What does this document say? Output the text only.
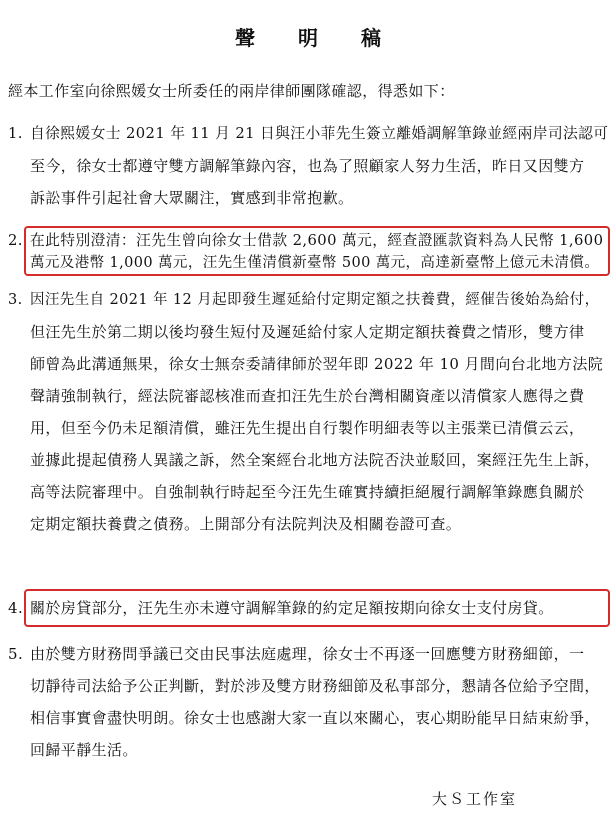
聲 明 稿
經本工作室向徐熙媛女士所委任的兩岸律師團隊確認，得悉如下：
1. 自徐熙媛女士 2021 年 11 月 21 日與汪小菲先生簽立離婚調解筆錄並經兩岸司法認可
至今，徐女士都遵守雙方調解筆錄內容，也為了照顧家人努力生活，昨日又因雙方
訴訟事件引起社會大眾關注，實感到非常抱歉。
2. 在此特別澄清：汪先生曾向徐女士借款 2,600 萬元，經查證匯款資料為人民幣 1,600
萬元及港幣 1,000 萬元，汪先生僅清償新臺幣 500 萬元，高達新臺幣上億元未清償。
3. 因汪先生自 2021 年 12 月起即發生遲延給付定期定額之扶養費，經催告後始為給付，
但汪先生於第二期以後均發生短付及遲延給付家人定期定額扶養費之情形，雙方律
師曾為此溝通無果，徐女士無奈委請律師於翌年即 2022 年 10 月間向台北地方法院
聲請強制執行，經法院審認核准而查扣汪先生於台灣相關資產以清償家人應得之費
用，但至今仍未足額清償，雖汪先生提出自行製作明細表等以主張業已清償云云，
並據此提起債務人異議之訴，然全案經台北地方法院否決並駁回，案經汪先生上訴，
高等法院審理中。自強制執行時起至今汪先生確實持續拒絕履行調解筆錄應負關於
定期定額扶養費之債務。上開部分有法院判決及相關卷證可查。
4. 關於房貸部分，汪先生亦未遵守調解筆錄的約定足額按期向徐女士支付房貸。
5. 由於雙方財務問爭議已交由民事法庭處理，徐女士不再逐一回應雙方財務細節，一
切靜待司法給予公正判斷，對於涉及雙方財務細節及私事部分，懇請各位給予空間，
相信事實會盡快明朗。徐女士也感謝大家一直以來關心，衷心期盼能早日結束紛爭，
回歸平靜生活。
大Ｓ工作室
